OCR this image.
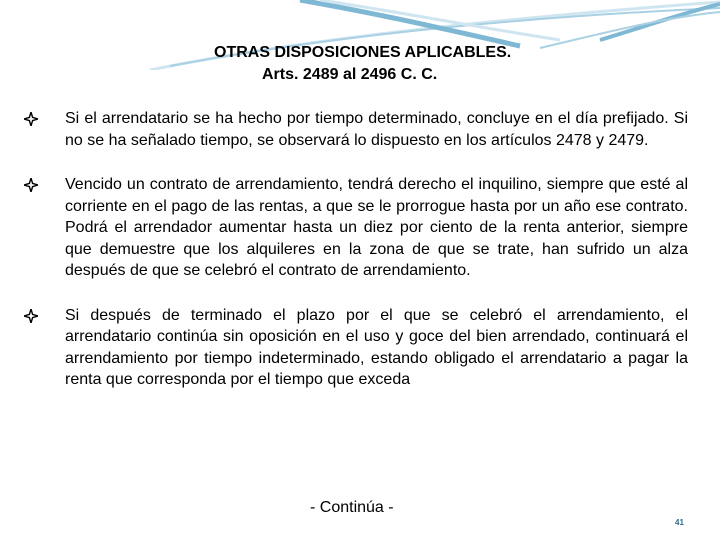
OTRAS DISPOSICIONES APLICABLES.
Arts. 2489 al 2496 C. C.
Si el arrendatario se ha hecho por tiempo determinado, concluye en el día prefijado. Si no se ha señalado tiempo, se observará lo dispuesto en los artículos 2478 y 2479.
Vencido un contrato de arrendamiento, tendrá derecho el inquilino, siempre que esté al corriente en el pago de las rentas, a que se le prorrogue hasta por un año ese contrato. Podrá el arrendador aumentar hasta un diez por ciento de la renta anterior, siempre que demuestre que los alquileres en la zona de que se trate, han sufrido un alza después de que se celebró el contrato de arrendamiento.
Si después de terminado el plazo por el que se celebró el arrendamiento, el arrendatario continúa sin oposición en el uso y goce del bien arrendado, continuará el arrendamiento por tiempo indeterminado, estando obligado el arrendatario a pagar la renta que corresponda por el tiempo que exceda
- Continúa -
41
